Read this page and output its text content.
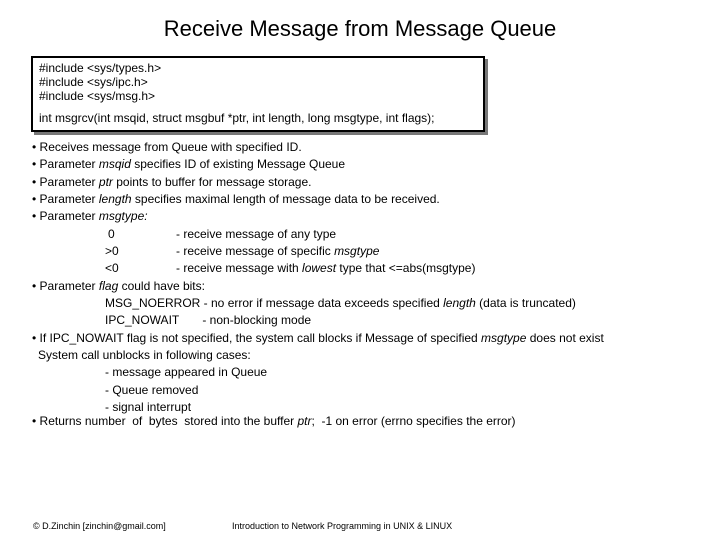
Receive Message from Message Queue
#include <sys/types.h>
#include <sys/ipc.h>
#include <sys/msg.h>
int msgrcv(int msqid, struct msgbuf *ptr, int length, long msgtype, int flags);
• Receives message from Queue with specified ID.
• Parameter msqid specifies ID of existing Message Queue
• Parameter ptr points to buffer for message storage.
• Parameter length specifies maximal length of message data to be received.
• Parameter msgtype:
0	- receive message of any type
>0	- receive message of specific msgtype
<0	- receive message with lowest type that <=abs(msgtype)
• Parameter flag could have bits:
MSG_NOERROR - no error if message data exceeds specified length (data is truncated)
IPC_NOWAIT       - non-blocking mode
• If IPC_NOWAIT flag is not specified, the system call blocks if Message of specified msgtype does not exist
System call unblocks in following cases:
- message appeared in Queue
- Queue removed
- signal interrupt
• Returns number  of  bytes  stored into the buffer ptr;  -1 on error (errno specifies the error)
© D.Zinchin [zinchin@gmail.com]	Introduction to Network Programming in UNIX & LINUX
